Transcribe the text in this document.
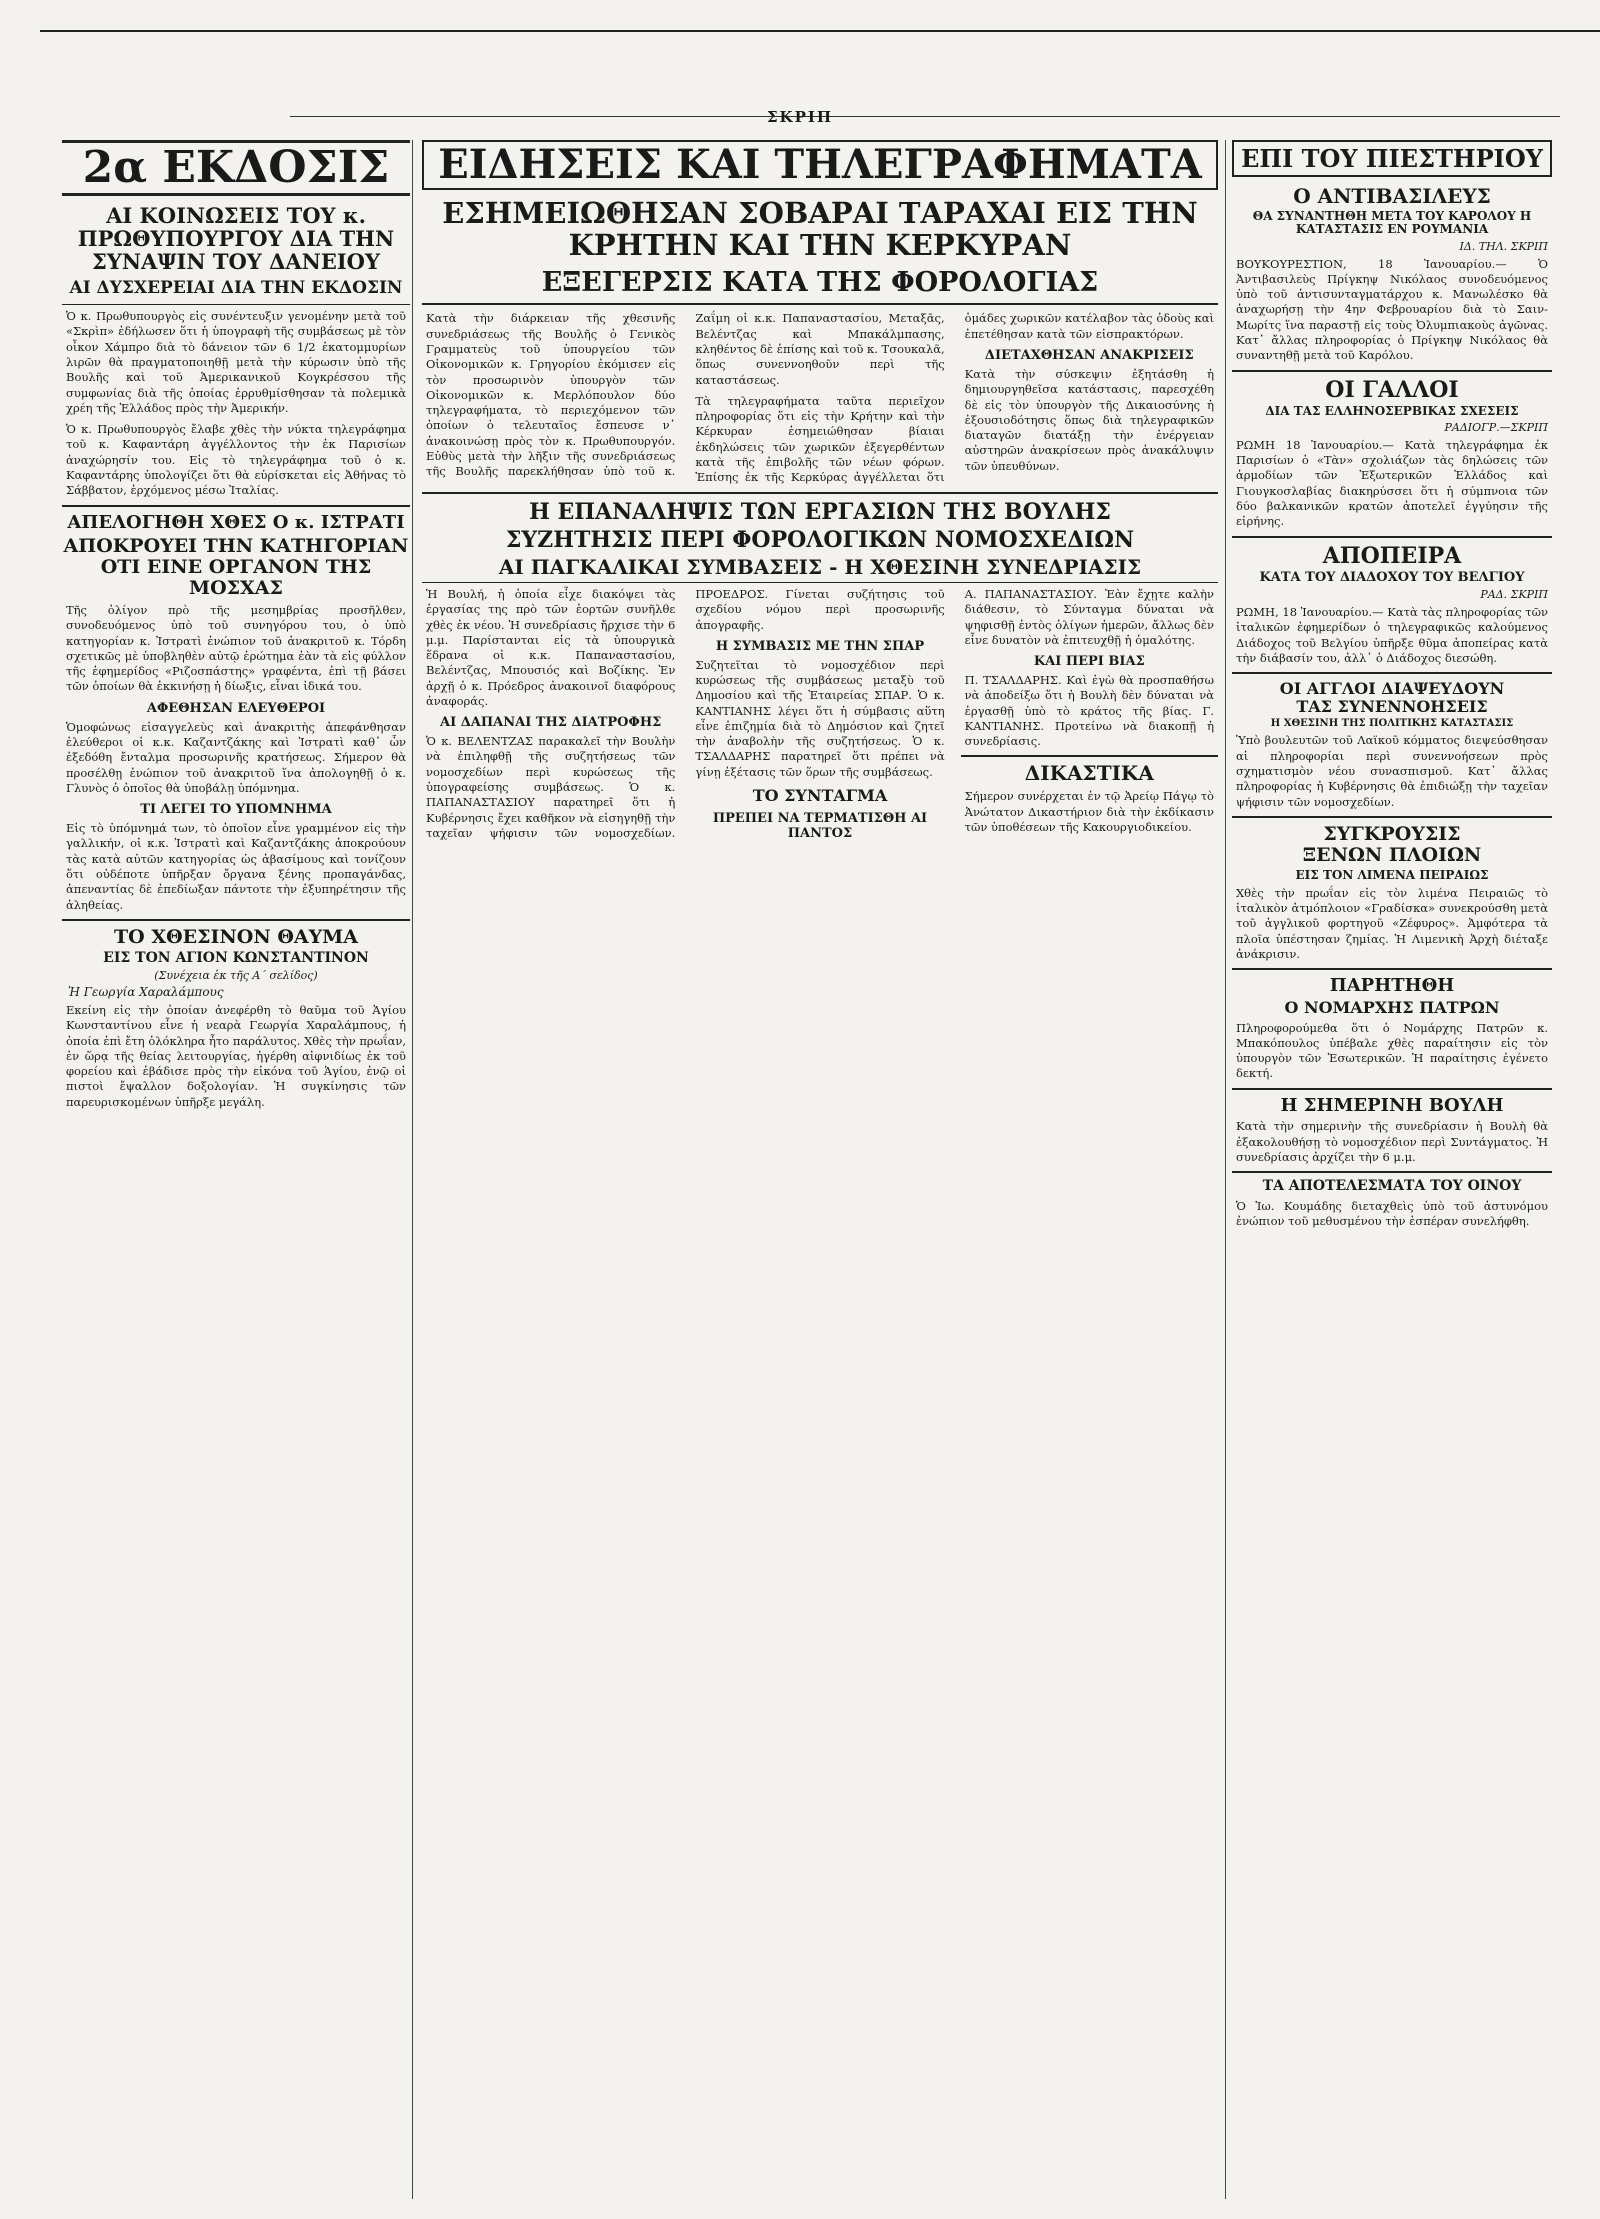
ΣΚΡΙΠ
2α ΕΚΔΟΣΙΣ
ΑΙ ΚΟΙΝΩΣΕΙΣ ΤΟΥ κ. ΠΡΩΘΥΠΟΥΡΓΟΥ ΔΙΑ ΤΗΝ ΣΥΝΑΨΙΝ ΤΟΥ ΔΑΝΕΙΟΥ
ΑΙ ΔΥΣΧΕΡΕΙΑΙ ΔΙΑ ΤΗΝ ΕΚΔΟΣΙΝ
Ὁ κ. Πρωθυπουργὸς εἰς συνέντευξιν γενομένην μετὰ τοῦ «Σκρὶπ» ἐδήλωσεν ὅτι ἡ ὑπογραφὴ τῆς συμβάσεως μὲ τὸν οἶκον Χάμπρο διὰ τὸ δάνειον τῶν 6 1/2 ἑκατομμυρίων λιρῶν θὰ πραγματοποιηθῇ μετὰ τὴν κύρωσιν ὑπὸ τῆς Βουλῆς καὶ τοῦ Ἀμερικανικοῦ Κογκρέσσου τῆς συμφωνίας διὰ τῆς ὁποίας ἐρρυθμίσθησαν τὰ πολεμικὰ χρέη τῆς Ἑλλάδος πρὸς τὴν Ἀμερικήν.
Ὁ κ. Πρωθυπουργὸς ἔλαβε χθὲς τὴν νύκτα τηλεγράφημα τοῦ κ. Καφαντάρη ἀγγέλλοντος τὴν ἐκ Παρισίων ἀναχώρησίν του. Εἰς τὸ τηλεγράφημα τοῦ ὁ κ. Καφαντάρης ὑπολογίζει ὅτι θὰ εὑρίσκεται εἰς Ἀθήνας τὸ Σάββατον, ἐρχόμενος μέσω Ἰταλίας.
ΑΠΕΛΟΓΗΘΗ ΧΘΕΣ Ο κ. ΙΣΤΡΑΤΙ
ΑΠΟΚΡΟΥΕΙ ΤΗΝ ΚΑΤΗΓΟΡΙΑΝ ΟΤΙ ΕΙΝΕ ΟΡΓΑΝΟΝ ΤΗΣ ΜΟΣΧΑΣ
Τῆς ὀλίγον πρὸ τῆς μεσημβρίας προσῆλθεν, συνοδευόμενος ὑπὸ τοῦ συνηγόρου του, ὁ ὑπὸ κατηγορίαν κ. Ἰστρατὶ ἐνώπιον τοῦ ἀνακριτοῦ κ. Τόρδη σχετικῶς μὲ ὑποβληθὲν αὐτῷ ἐρώτημα ἐὰν τὰ εἰς φύλλον τῆς ἐφημερίδος «Ριζοσπάστης» γραφέντα, ἐπὶ τῇ βάσει τῶν ὁποίων θὰ ἐκκινήσῃ ἡ δίωξις, εἶναι ἰδικά του.
ΑΦΕΘΗΣΑΝ ΕΛΕΥΘΕΡΟΙ
Ὁμοφώνως εἰσαγγελεὺς καὶ ἀνακριτὴς ἀπεφάνθησαν ἐλεύθεροι οἱ κ.κ. Καζαντζάκης καὶ Ἰστρατὶ καθ᾽ ὧν ἐξεδόθη ἔνταλμα προσωρινῆς κρατήσεως. Σήμερον θὰ προσέλθῃ ἐνώπιον τοῦ ἀνακριτοῦ ἵνα ἀπολογηθῇ ὁ κ. Γλυνὸς ὁ ὁποῖος θὰ ὑποβάλῃ ὑπόμνημα.
ΤΙ ΛΕΓΕΙ ΤΟ ΥΠΟΜΝΗΜΑ
Εἰς τὸ ὑπόμνημά των, τὸ ὁποῖον εἶνε γραμμένον εἰς τὴν γαλλικήν, οἱ κ.κ. Ἰστρατὶ καὶ Καζαντζάκης ἀποκρούουν τὰς κατὰ αὐτῶν κατηγορίας ὡς ἀβασίμους καὶ τονίζουν ὅτι οὐδέποτε ὑπῆρξαν ὄργανα ξένης προπαγάνδας, ἀπεναντίας δὲ ἐπεδίωξαν πάντοτε τὴν ἐξυπηρέτησιν τῆς ἀληθείας.
ΤΟ ΧΘΕΣΙΝΟΝ ΘΑΥΜΑ
ΕΙΣ ΤΟΝ ΑΓΙΟΝ ΚΩΝΣΤΑΝΤΙΝΟΝ
(Συνέχεια ἐκ τῆς Α´ σελίδος)
Ἡ Γεωργία Χαραλάμπους
Εκείνη εἰς τὴν ὁποίαν ἀνεφέρθη τὸ θαῦμα τοῦ Ἁγίου Κωνσταντίνου εἶνε ἡ νεαρὰ Γεωργία Χαραλάμπους, ἡ ὁποία ἐπὶ ἔτη ὁλόκληρα ἦτο παράλυτος. Χθὲς τὴν πρωΐαν, ἐν ὥρᾳ τῆς θείας λειτουργίας, ἠγέρθη αἰφνιδίως ἐκ τοῦ φορείου καὶ ἐβάδισε πρὸς τὴν εἰκόνα τοῦ Ἁγίου, ἐνῷ οἱ πιστοὶ ἔψαλλον δοξολογίαν. Ἡ συγκίνησις τῶν παρευρισκομένων ὑπῆρξε μεγάλη.
ΕΙΔΗΣΕΙΣ ΚΑΙ ΤΗΛΕΓΡΑΦΗΜΑΤΑ
ΕΣΗΜΕΙΩΘΗΣΑΝ ΣΟΒΑΡΑΙ ΤΑΡΑΧΑΙ ΕΙΣ ΤΗΝ ΚΡΗΤΗΝ ΚΑΙ ΤΗΝ ΚΕΡΚΥΡΑΝ
ΕΞΕΓΕΡΣΙΣ ΚΑΤΑ ΤΗΣ ΦΟΡΟΛΟΓΙΑΣ
Κατὰ τὴν διάρκειαν τῆς χθεσινῆς συνεδριάσεως τῆς Βουλῆς ὁ Γενικὸς Γραμματεὺς τοῦ ὑπουργείου τῶν Οἰκονομικῶν κ. Γρηγορίου ἐκόμισεν εἰς τὸν προσωρινὸν ὑπουργὸν τῶν Οἰκονομικῶν κ. Μερλόπουλον δύο τηλεγραφήματα, τὸ περιεχόμενον τῶν ὁποίων ὁ τελευταῖος ἔσπευσε ν᾽ ἀνακοινώσῃ πρὸς τὸν κ. Πρωθυπουργόν. Εὐθὺς μετὰ τὴν λῆξιν τῆς συνεδριάσεως τῆς Βουλῆς παρεκλήθησαν ὑπὸ τοῦ κ. Ζαΐμη οἱ κ.κ. Παπαναστασίου, Μεταξᾶς, Βελέντζας καὶ Μπακάλμπασης, κληθέντος δὲ ἐπίσης καὶ τοῦ κ. Τσουκαλᾶ, ὅπως συνεννοηθοῦν περὶ τῆς καταστάσεως.
Τὰ τηλεγραφήματα ταῦτα περιεῖχον πληροφορίας ὅτι εἰς τὴν Κρήτην καὶ τὴν Κέρκυραν ἐσημειώθησαν βίαιαι ἐκδηλώσεις τῶν χωρικῶν ἐξεγερθέντων κατὰ τῆς ἐπιβολῆς τῶν νέων φόρων. Ἐπίσης ἐκ τῆς Κερκύρας ἀγγέλλεται ὅτι ὁμάδες χωρικῶν κατέλαβον τὰς ὁδοὺς καὶ ἐπετέθησαν κατὰ τῶν εἰσπρακτόρων.
ΔΙΕΤΑΧΘΗΣΑΝ ΑΝΑΚΡΙΣΕΙΣ
Κατὰ τὴν σύσκεψιν ἐξητάσθη ἡ δημιουργηθεῖσα κατάστασις, παρεσχέθη δὲ εἰς τὸν ὑπουργὸν τῆς Δικαιοσύνης ἡ ἐξουσιοδότησις ὅπως διὰ τηλεγραφικῶν διαταγῶν διατάξῃ τὴν ἐνέργειαν αὐστηρῶν ἀνακρίσεων πρὸς ἀνακάλυψιν τῶν ὑπευθύνων.
Η ΕΠΑΝΑΛΗΨΙΣ ΤΩΝ ΕΡΓΑΣΙΩΝ ΤΗΣ ΒΟΥΛΗΣ
ΣΥΖΗΤΗΣΙΣ ΠΕΡΙ ΦΟΡΟΛΟΓΙΚΩΝ ΝΟΜΟΣΧΕΔΙΩΝ
ΑΙ ΠΑΓΚΑΛΙΚΑΙ ΣΥΜΒΑΣΕΙΣ - Η ΧΘΕΣΙΝΗ ΣΥΝΕΔΡΙΑΣΙΣ
Ἡ Βουλή, ἡ ὁποία εἶχε διακόψει τὰς ἐργασίας της πρὸ τῶν ἑορτῶν συνῆλθε χθὲς ἐκ νέου. Ἡ συνεδρίασις ἤρχισε τὴν 6 μ.μ. Παρίστανται εἰς τὰ ὑπουργικὰ ἕδρανα οἱ κ.κ. Παπαναστασίου, Βελέντζας, Μπουσιός καὶ Βοζίκης. Ἐν ἀρχῇ ὁ κ. Πρόεδρος ἀνακοινοῖ διαφόρους ἀναφοράς.
ΑΙ ΔΑΠΑΝΑΙ ΤΗΣ ΔΙΑΤΡΟΦΗΣ
Ὁ κ. ΒΕΛΕΝΤΖΑΣ παρακαλεῖ τὴν Βουλὴν νὰ ἐπιληφθῇ τῆς συζητήσεως τῶν νομοσχεδίων περὶ κυρώσεως τῆς ὑπογραφείσης συμβάσεως. Ὁ κ. ΠΑΠΑΝΑΣΤΑΣΙΟΥ παρατηρεῖ ὅτι ἡ Κυβέρνησις ἔχει καθῆκον νὰ εἰσηγηθῇ τὴν ταχεῖαν ψήφισιν τῶν νομοσχεδίων. ΠΡΟΕΔΡΟΣ. Γίνεται συζήτησις τοῦ σχεδίου νόμου περὶ προσωρινῆς ἀπογραφῆς.
Η ΣΥΜΒΑΣΙΣ ΜΕ ΤΗΝ ΣΠΑΡ
Συζητεῖται τὸ νομοσχέδιον περὶ κυρώσεως τῆς συμβάσεως μεταξὺ τοῦ Δημοσίου καὶ τῆς Ἑταιρείας ΣΠΑΡ. Ὁ κ. ΚΑΝΤΙΑΝΗΣ λέγει ὅτι ἡ σύμβασις αὕτη εἶνε ἐπιζημία διὰ τὸ Δημόσιον καὶ ζητεῖ τὴν ἀναβολὴν τῆς συζητήσεως. Ὁ κ. ΤΣΑΛΔΑΡΗΣ παρατηρεῖ ὅτι πρέπει νὰ γίνῃ ἐξέτασις τῶν ὅρων τῆς συμβάσεως.
ΤΟ ΣΥΝΤΑΓΜΑ
ΠΡΕΠΕΙ ΝΑ ΤΕΡΜΑΤΙΣΘΗ ΑΙ ΠΑΝΤΟΣ
Α. ΠΑΠΑΝΑΣΤΑΣΙΟΥ. Ἐὰν ἔχῃτε καλὴν διάθεσιν, τὸ Σύνταγμα δύναται νὰ ψηφισθῇ ἐντὸς ὀλίγων ἡμερῶν, ἄλλως δὲν εἶνε δυνατὸν νὰ ἐπιτευχθῇ ἡ ὁμαλότης.
ΚΑΙ ΠΕΡΙ ΒΙΑΣ
Π. ΤΣΑΛΔΑΡΗΣ. Καὶ ἐγὼ θὰ προσπαθήσω νὰ ἀποδείξω ὅτι ἡ Βουλὴ δὲν δύναται νὰ ἐργασθῇ ὑπὸ τὸ κράτος τῆς βίας. Γ. ΚΑΝΤΙΑΝΗΣ. Προτείνω νὰ διακοπῇ ἡ συνεδρίασις.
ΔΙΚΑΣΤΙΚΑ
Σήμερον συνέρχεται ἐν τῷ Ἀρείῳ Πάγῳ τὸ Ἀνώτατον Δικαστήριον διὰ τὴν ἐκδίκασιν τῶν ὑποθέσεων τῆς Κακουργιοδικείου.
ΕΠΙ ΤΟΥ ΠΙΕΣΤΗΡΙΟΥ
Ο ΑΝΤΙΒΑΣΙΛΕΥΣ
ΘΑ ΣΥΝΑΝΤΗΘΗ ΜΕΤΑ ΤΟΥ ΚΑΡΟΛΟΥ Η ΚΑΤΑΣΤΑΣΙΣ ΕΝ ΡΟΥΜΑΝΙΑ
ΙΔ. ΤΗΛ. ΣΚΡΙΠ
ΒΟΥΚΟΥΡΕΣΤΙΟΝ, 18 Ἰανουαρίου.— Ὁ Ἀντιβασιλεὺς Πρίγκηψ Νικόλαος συνοδευόμενος ὑπὸ τοῦ ἀντισυνταγματάρχου κ. Μανωλέσκο θὰ ἀναχωρήσῃ τὴν 4ην Φεβρουαρίου διὰ τὸ Σαιν-Μωρίτς ἵνα παραστῇ εἰς τοὺς Ὀλυμπιακοὺς ἀγῶνας. Κατ᾽ ἄλλας πληροφορίας ὁ Πρίγκηψ Νικόλαος θὰ συναντηθῇ μετὰ τοῦ Καρόλου.
ΟΙ ΓΑΛΛΟΙ
ΔΙΑ ΤΑΣ ΕΛΛΗΝΟΣΕΡΒΙΚΑΣ ΣΧΕΣΕΙΣ
ΡΑΔΙΟΓΡ.—ΣΚΡΙΠ
ΡΩΜΗ 18 Ἰανουαρίου.— Κατὰ τηλεγράφημα ἐκ Παρισίων ὁ «Τὰν» σχολιάζων τὰς δηλώσεις τῶν ἁρμοδίων τῶν Ἐξωτερικῶν Ἑλλάδος καὶ Γιουγκοσλαβίας διακηρύσσει ὅτι ἡ σύμπνοια τῶν δύο βαλκανικῶν κρατῶν ἀποτελεῖ ἐγγύησιν τῆς εἰρήνης.
ΑΠΟΠΕΙΡΑ
ΚΑΤΑ ΤΟΥ ΔΙΑΔΟΧΟΥ ΤΟΥ ΒΕΛΓΙΟΥ
ΡΑΔ. ΣΚΡΙΠ
ΡΩΜΗ, 18 Ἰανουαρίου.— Κατὰ τὰς πληροφορίας τῶν ἰταλικῶν ἐφημερίδων ὁ τηλεγραφικῶς καλούμενος Διάδοχος τοῦ Βελγίου ὑπῆρξε θῦμα ἀποπείρας κατὰ τὴν διάβασίν του, ἀλλ᾽ ὁ Διάδοχος διεσώθη.
ΟΙ ΑΓΓΛΟΙ ΔΙΑΨΕΥΔΟΥΝ
ΤΑΣ ΣΥΝΕΝΝΟΗΣΕΙΣ
Η ΧΘΕΣΙΝΗ ΤΗΣ ΠΟΛΙΤΙΚΗΣ ΚΑΤΑΣΤΑΣΙΣ
Ὑπὸ βουλευτῶν τοῦ Λαϊκοῦ κόμματος διεψεύσθησαν αἱ πληροφορίαι περὶ συνεννοήσεων πρὸς σχηματισμὸν νέου συνασπισμοῦ. Κατ᾽ ἄλλας πληροφορίας ἡ Κυβέρνησις θὰ ἐπιδιώξῃ τὴν ταχεῖαν ψήφισιν τῶν νομοσχεδίων.
ΣΥΓΚΡΟΥΣΙΣ
ΞΕΝΩΝ ΠΛΟΙΩΝ
ΕΙΣ ΤΟΝ ΛΙΜΕΝΑ ΠΕΙΡΑΙΩΣ
Χθὲς τὴν πρωΐαν εἰς τὸν λιμένα Πειραιῶς τὸ ἰταλικὸν ἀτμόπλοιον «Γραδίσκα» συνεκρούσθη μετὰ τοῦ ἀγγλικοῦ φορτηγοῦ «Ζέφυρος». Ἀμφότερα τὰ πλοῖα ὑπέστησαν ζημίας. Ἡ Λιμενικὴ Ἀρχὴ διέταξε ἀνάκρισιν.
ΠΑΡΗΤΗΘΗ
Ο ΝΟΜΑΡΧΗΣ ΠΑΤΡΩΝ
Πληροφορούμεθα ὅτι ὁ Νομάρχης Πατρῶν κ. Μπακόπουλος ὑπέβαλε χθὲς παραίτησιν εἰς τὸν ὑπουργὸν τῶν Ἐσωτερικῶν. Ἡ παραίτησις ἐγένετο δεκτή.
Η ΣΗΜΕΡΙΝΗ ΒΟΥΛΗ
Κατὰ τὴν σημερινὴν τῆς συνεδρίασιν ἡ Βουλὴ θὰ ἐξακολουθήσῃ τὸ νομοσχέδιον περὶ Συντάγματος. Ἡ συνεδρίασις ἀρχίζει τὴν 6 μ.μ.
ΤΑ ΑΠΟΤΕΛΕΣΜΑΤΑ ΤΟΥ ΟΙΝΟΥ
Ὁ Ἰω. Κουμάδης διεταχθεὶς ὑπὸ τοῦ ἀστυνόμου ἐνώπιον τοῦ μεθυσμένου τὴν ἑσπέραν συνελήφθη.
